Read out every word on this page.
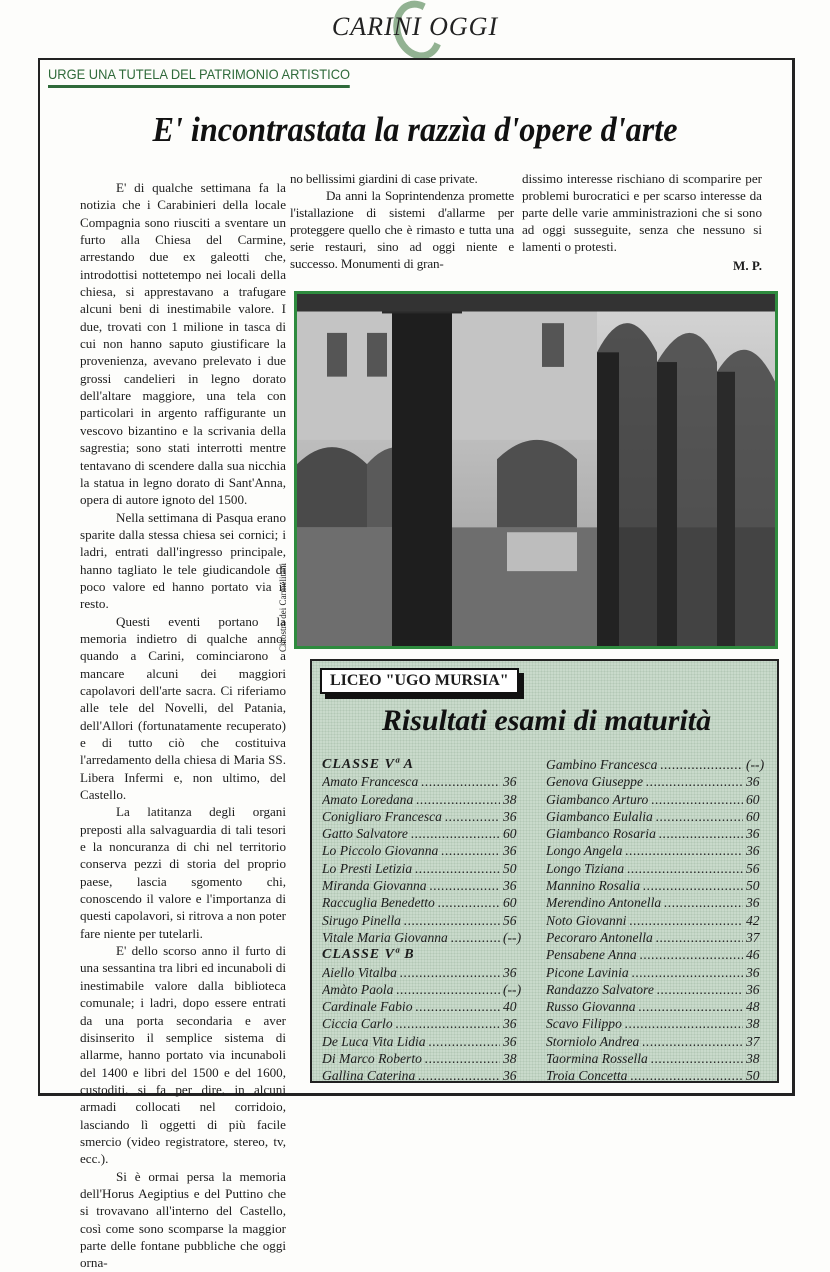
CARINI OGGI
URGE UNA TUTELA DEL PATRIMONIO ARTISTICO
E' incontrastata la razzìa d'opere d'arte

E' di qualche settimana fa la notizia che i Carabinieri della locale Compagnia sono riusciti a sventare un furto alla Chiesa del Carmine, arrestando due ex galeotti che, introdottisi nottetempo nei locali della chiesa, si apprestavano a trafugare alcuni beni di inestimabile valore. I due, trovati con 1 milione in tasca di cui non hanno saputo giustificare la provenienza, avevano prelevato i due grossi candelieri in legno dorato dell'altare maggiore, una tela con particolari in argento raffigurante un vescovo bizantino e la scrivania della sagrestia; sono stati interrotti mentre tentavano di scendere dalla sua nicchia la statua in legno dorato di Sant'Anna, opera di autore ignoto del 1500.

Nella settimana di Pasqua erano sparite dalla stessa chiesa sei cornici; i ladri, entrati dall'ingresso principale, hanno tagliato le tele giudicandole di poco valore ed hanno portato via il resto.

Questi eventi portano la memoria indietro di qualche anno, quando a Carini, cominciarono a mancare alcuni dei maggiori capolavori dell'arte sacra. Ci riferiamo alle tele del Novelli, del Patania, dell'Allori (fortunatamente recuperato) e di tutto ciò che costituiva l'arredamento della chiesa di Maria SS. Libera Infermi e, non ultimo, del Castello.

La latitanza degli organi preposti alla salvaguardia di tali tesori e la noncuranza di chi nel territorio conserva pezzi di storia del proprio paese, lascia sgomento chi, conoscendo il valore e l'importanza di questi capolavori, si ritrova a non poter fare niente per tutelarli.

E' dello scorso anno il furto di una sessantina tra libri ed incunaboli di inestimabile valore dalla biblioteca comunale; i ladri, dopo essere entrati da una porta secondaria e aver disinserito il semplice sistema di allarme, hanno portato via incunaboli del 1400 e libri del 1500 e del 1600, custoditi, si fa per dire, in alcuni armadi collocati nel corridoio, lasciando lì oggetti di più facile smercio (video registratore, stereo, tv, ecc.).

Si è ormai persa la memoria dell'Horus Aegiptius e del Puttino che si trovavano all'interno del Castello, così come sono scomparse la maggior parte delle fontane pubbliche che oggi orna-

no bellissimi giardini di case private.

Da anni la Soprintendenza promette l'istallazione di sistemi d'allarme per proteggere quello che è rimasto e tutta una serie restauri, sino ad oggi niente e successo. Monumenti di gran-

dissimo interesse rischiano di scomparire per problemi burocratici e per scarso interesse da parte delle varie amministrazioni che si sono ad oggi susseguite, senza che nessuno si lamenti o protesti.

M. P.
Chiostro dei Carmelitani
LICEO "UGO MURSIA"
Risultati esami di maturità
CLASSE Vª A
Amato Francesca .....	36
Amato Loredana .....	38
Conigliaro Francesca .....	36
Gatto Salvatore .....	60
Lo Piccolo Giovanna .....	36
Lo Presti Letizia .....	50
Miranda Giovanna .....	36
Raccuglia Benedetto .....	60
Sirugo Pinella .....	56
Vitale Maria Giovanna .....	(--)
CLASSE Vª B
Aiello Vitalba .....	36
Amàto Paola .....	(--)
Cardinale Fabio .....	40
Ciccia Carlo .....	36
De Luca Vita Lidia .....	36
Di Marco Roberto .....	38
Gallina Caterina .....	36
Gambino Francesca .....	(--)
Genova Giuseppe .....	36
Giambanco Arturo .....	60
Giambanco Eulalia .....	60
Giambanco Rosaria .....	36
Longo Angela .....	36
Longo Tiziana .....	56
Mannino Rosalia .....	50
Merendino Antonella .....	36
Noto Giovanni .....	42
Pecoraro Antonella .....	37
Pensabene Anna .....	46
Picone Lavinia .....	36
Randazzo Salvatore .....	36
Russo Giovanna .....	48
Scavo Filippo .....	38
Storniolo Andrea .....	37
Taormina Rossella .....	38
Troia Concetta .....	50
